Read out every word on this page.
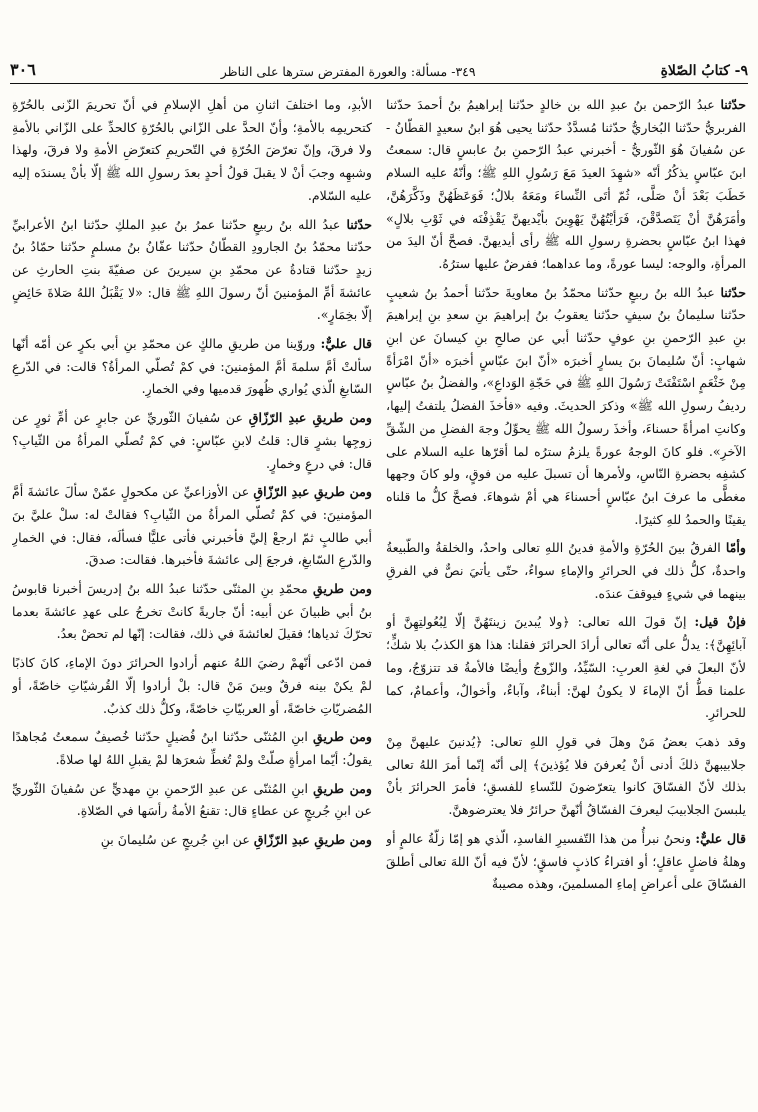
٩- كتابُ الصّلاةِ
٣٤٩- مسألة: والعورة المفترض سترها على الناظر
٣٠٦

حدّثنا عبدُ الرّحمن بنُ عبدِ الله بن خالدٍ حدّثنا إبراهيمُ بنُ أحمدَ حدّثنا الفربريُّ حدّثنا البُخاريُّ حدّثنا مُسدَّدٌ حدّثنا يحيى هُوَ ابنُ سعيدٍ القطّانُ - عن سُفيانَ هُوَ الثّوريُّ - أخبرني عبدُ الرّحمنِ بنُ عابسٍ قال: سمعتُ ابنَ عبّاسٍ يذكُرُ أنّه «شهِدَ العيدَ مَعَ رَسُولِ اللهِ ﷺ؛ وأنّهُ عليه السلام خَطَبَ بَعْدَ أنْ صَلَّى، ثُمّ أتَى النِّساءَ ومَعَهُ بلالٌ؛ فَوَعَظَهُنَّ وذَكَّرَهُنَّ، وأمَرَهُنَّ أنْ يَتَصدَّقْنَ، فَرَأيْتُهُنَّ يَهْوِينَ بأيْديهنَّ يَقْذِفْنَه في ثَوْبِ بلالٍ» فهذا ابنُ عبّاسٍ بحضرةِ رسولِ الله ﷺ رأى أيديهنَّ. فصحَّ أنّ اليدَ من المرأةِ، والوجه: ليسا عورةً، وما عداهما؛ ففرضٌ عليها سترُهُ.

حدّثنا عبدُ الله بنُ ربيعٍ حدّثنا محمّدُ بنُ معاويةَ حدّثنا أحمدُ بنُ شعيبٍ حدّثنا سليمانُ بنُ سيفٍ حدّثنا يعقوبُ بنُ إبراهيمَ بنِ سعدِ بنِ إبراهيمَ بنِ عبدِ الرّحمنِ بنِ عوفٍ حدّثنا أبي عن صالحِ بنِ كيسانَ عن ابنِ شهابٍ: أنّ سُليمانَ بنَ يسارٍ أخبرَه «أنّ ابنَ عبّاسٍ أخبرَه «أنّ امْرَأةً مِنْ خَثْعَمٍ اسْتَفْتَتْ رَسُولَ اللهِ ﷺ في حَجّةِ الوَداعِ»، والفضلُ بنُ عبّاسٍ رديفُ رسولِ الله ﷺ» وذكرَ الحديثَ. وفيه «فأخذَ الفضلُ يلتفتُ إليها، وكانتِ امرأةً حسناءَ، وأخذَ رسولُ الله ﷺ يحوِّلُ وجهَ الفضلِ من الشّقِّ الآخرِ». فلو كانَ الوجهُ عورةً يلزمُ سترُه لما أقرّها عليه السلام على كشفِه بحضرةِ النّاسِ، ولأمرها أن تسبلَ عليه من فوقٍ، ولو كانَ وجهها مغطًّى ما عرفَ ابنُ عبّاسٍ أحسناءَ هي أمْ شوهاءَ. فصحَّ كلُّ ما قلناه يقينًا والحمدُ للهِ كثيرًا.

وأمّا الفرقُ بينَ الحُرّةِ والأمةِ فدينُ اللهِ تعالى واحدٌ، والخلقةُ والطّبيعةُ واحدةٌ، كلُّ ذلك في الحرائرِ والإماءِ سواءٌ، حتّى يأتيَ نصٌّ في الفرقِ بينهما في شيءٍ فيوقفَ عندَه.

فإنْ قيل: إنّ قولَ الله تعالى: ﴿ولا يُبدينَ زينتَهُنَّ إلّا لِبُعُولتِهِنَّ أو آبائِهِنَّ﴾: يدلُّ على أنّه تعالى أرادَ الحرائرَ فقلنا: هذا هوَ الكذبُ بلا شكٍّ؛ لأنّ البعلَ في لغةِ العربِ: السّيِّدُ، والزّوجُ وأيضًا فالأمةُ قد تتزوّجُ، وما علمنا قطُّ أنّ الإماءَ لا يكونُ لهنَّ: أبناءٌ، وآباءٌ، وأخوالٌ، وأعمامٌ، كما للحرائرِ.

وقد ذهبَ بعضُ مَنْ وهلَ في قولِ اللهِ تعالى: ﴿يُدنينَ عليهنَّ مِنْ جلابيبهنَّ ذلكَ أدنى أنْ يُعرفنَ فلا يُؤذينَ﴾ إلى أنّه إنّما أمرَ اللهُ تعالى بذلك لأنّ الفسّاقَ كانوا يتعرّضونَ للنّساءِ للفسقِ؛ فأمرَ الحرائرَ بأنْ يلبسنَ الجلابيبَ ليعرفَ الفسّاقُ أنّهنَّ حرائرُ فلا يعترضوهنَّ.

قال عليٌّ: ونحنُ نبرأُ من هذا التّفسيرِ الفاسدِ، الّذي هو إمّا زلّةُ عالمٍ أو وهلةُ فاضلٍ عاقلٍ؛ أو افتراءُ كاذبٍ فاسقٍ؛ لأنّ فيه أنّ اللهَ تعالى أطلقَ الفسّاقَ على أعراضِ إماءِ المسلمينَ، وهذه مصيبةٌ

الأبدِ، وما اختلفَ اثنانِ من أهلِ الإسلامِ في أنّ تحريمَ الزّنى بالحُرّةِ كتحريمِه بالأمةِ؛ وأنّ الحدَّ على الزّاني بالحُرّةِ كالحدِّ على الزّاني بالأمةِ ولا فرقَ، وإنّ تعرّضَ الحُرّةِ في التّحريمِ كتعرّضِ الأمةِ ولا فرقَ، ولهذا وشبهِه وجبَ أنْ لا يقبلَ قولُ أحدٍ بعدَ رسولِ الله ﷺ إلّا بأنْ يسندَه إليه عليه السّلام.

حدّثنا عبدُ الله بنُ ربيعٍ حدّثنا عمرُ بنُ عبدِ الملكِ حدّثنا ابنُ الأعرابيِّ حدّثنا محمّدُ بنُ الجارودِ القطّانُ حدّثنا عفّانُ بنُ مسلمٍ حدّثنا حمّادُ بنُ زيدٍ حدّثنا قتادةُ عن محمّدِ بنِ سيرينَ عن صفيّةَ بنتِ الحارثِ عن عائشةَ أمِّ المؤمنينَ أنّ رسولَ اللهِ ﷺ قال: «لا يَقْبَلُ اللهُ صَلاةَ حَائِضٍ إلّا بخِمَارٍ».

قال عليٌّ: وروّينا من طريقِ مالكٍ عن محمّدِ بنِ أبي بكرٍ عن أمّه أنّها سألتْ أمَّ سلمةَ أمَّ المؤمنينَ: في كمْ تُصلّي المرأةُ؟ قالت: في الدّرعِ السّابغِ الّذي يُواري ظُهورَ قدميها وفي الخمارِ.

ومن طريقِ عبدِ الرّزّاقِ عن سُفيانَ الثّوريِّ عن جابرٍ عن أمِّ ثورٍ عن زوجِها بشرٍ قال: قلتُ لابنِ عبّاسٍ: في كمْ تُصلّي المرأةُ من الثّيابِ؟ قال: في درعٍ وخمارٍ.

ومن طريقِ عبدِ الرّزّاقِ عن الأوزاعيِّ عن مكحولٍ عمّنْ سألَ عائشةَ أمَّ المؤمنينَ: في كمْ تُصلّي المرأةُ من الثّيابِ؟ فقالتْ له: سلْ عليَّ بنَ أبي طالبٍ ثمّ ارجعْ إليَّ فأخبرني فأتى عليًّا فسألَه، فقال: في الخمارِ والدّرعِ السّابغِ، فرجعَ إلى عائشةَ فأخبرها. فقالت: صدقَ.

ومن طريقِ محمّدِ بنِ المثنّى حدّثنا عبدُ الله بنُ إدريسَ أخبرنا قابوسُ بنُ أبي ظبيانَ عن أبيه: أنّ جاريةً كانتْ تخرجُ على عهدِ عائشةَ بعدما تحرّكَ ثدياها؛ فقيلَ لعائشةَ في ذلك، فقالت: إنّها لم تحضْ بعدُ.

فمن ادّعى أنّهمْ رضيَ اللهُ عنهم أرادوا الحرائرَ دونَ الإماءِ، كانَ كاذبًا لمْ يكنْ بينه فرقٌ وبينَ مَنْ قال: بلْ أرادوا إلّا القُرشيّاتِ خاصّةً، أو المُضريّاتِ خاصّةً، أو العربيّاتِ خاصّةً، وكلُّ ذلك كذبٌ.

ومن طريقِ ابنِ المُثنّى حدّثنا ابنُ فُضيلٍ حدّثنا خُصيفٌ سمعتُ مُجاهدًا يقولُ: أيّما امرأةٍ صلّتْ ولمْ تُغطِّ شعرَها لمْ يقبلِ اللهُ لها صلاةً.

ومن طريقِ ابنِ المُثنّى عن عبدِ الرّحمنِ بنِ مهديٍّ عن سُفيانَ الثّوريِّ عن ابنِ جُريجٍ عن عطاءٍ قال: تقنعُ الأمةُ رأسَها في الصّلاةِ.

ومن طريقِ عبدِ الرّزّاقِ عن ابنِ جُريجٍ عن سُليمانَ بنِ
